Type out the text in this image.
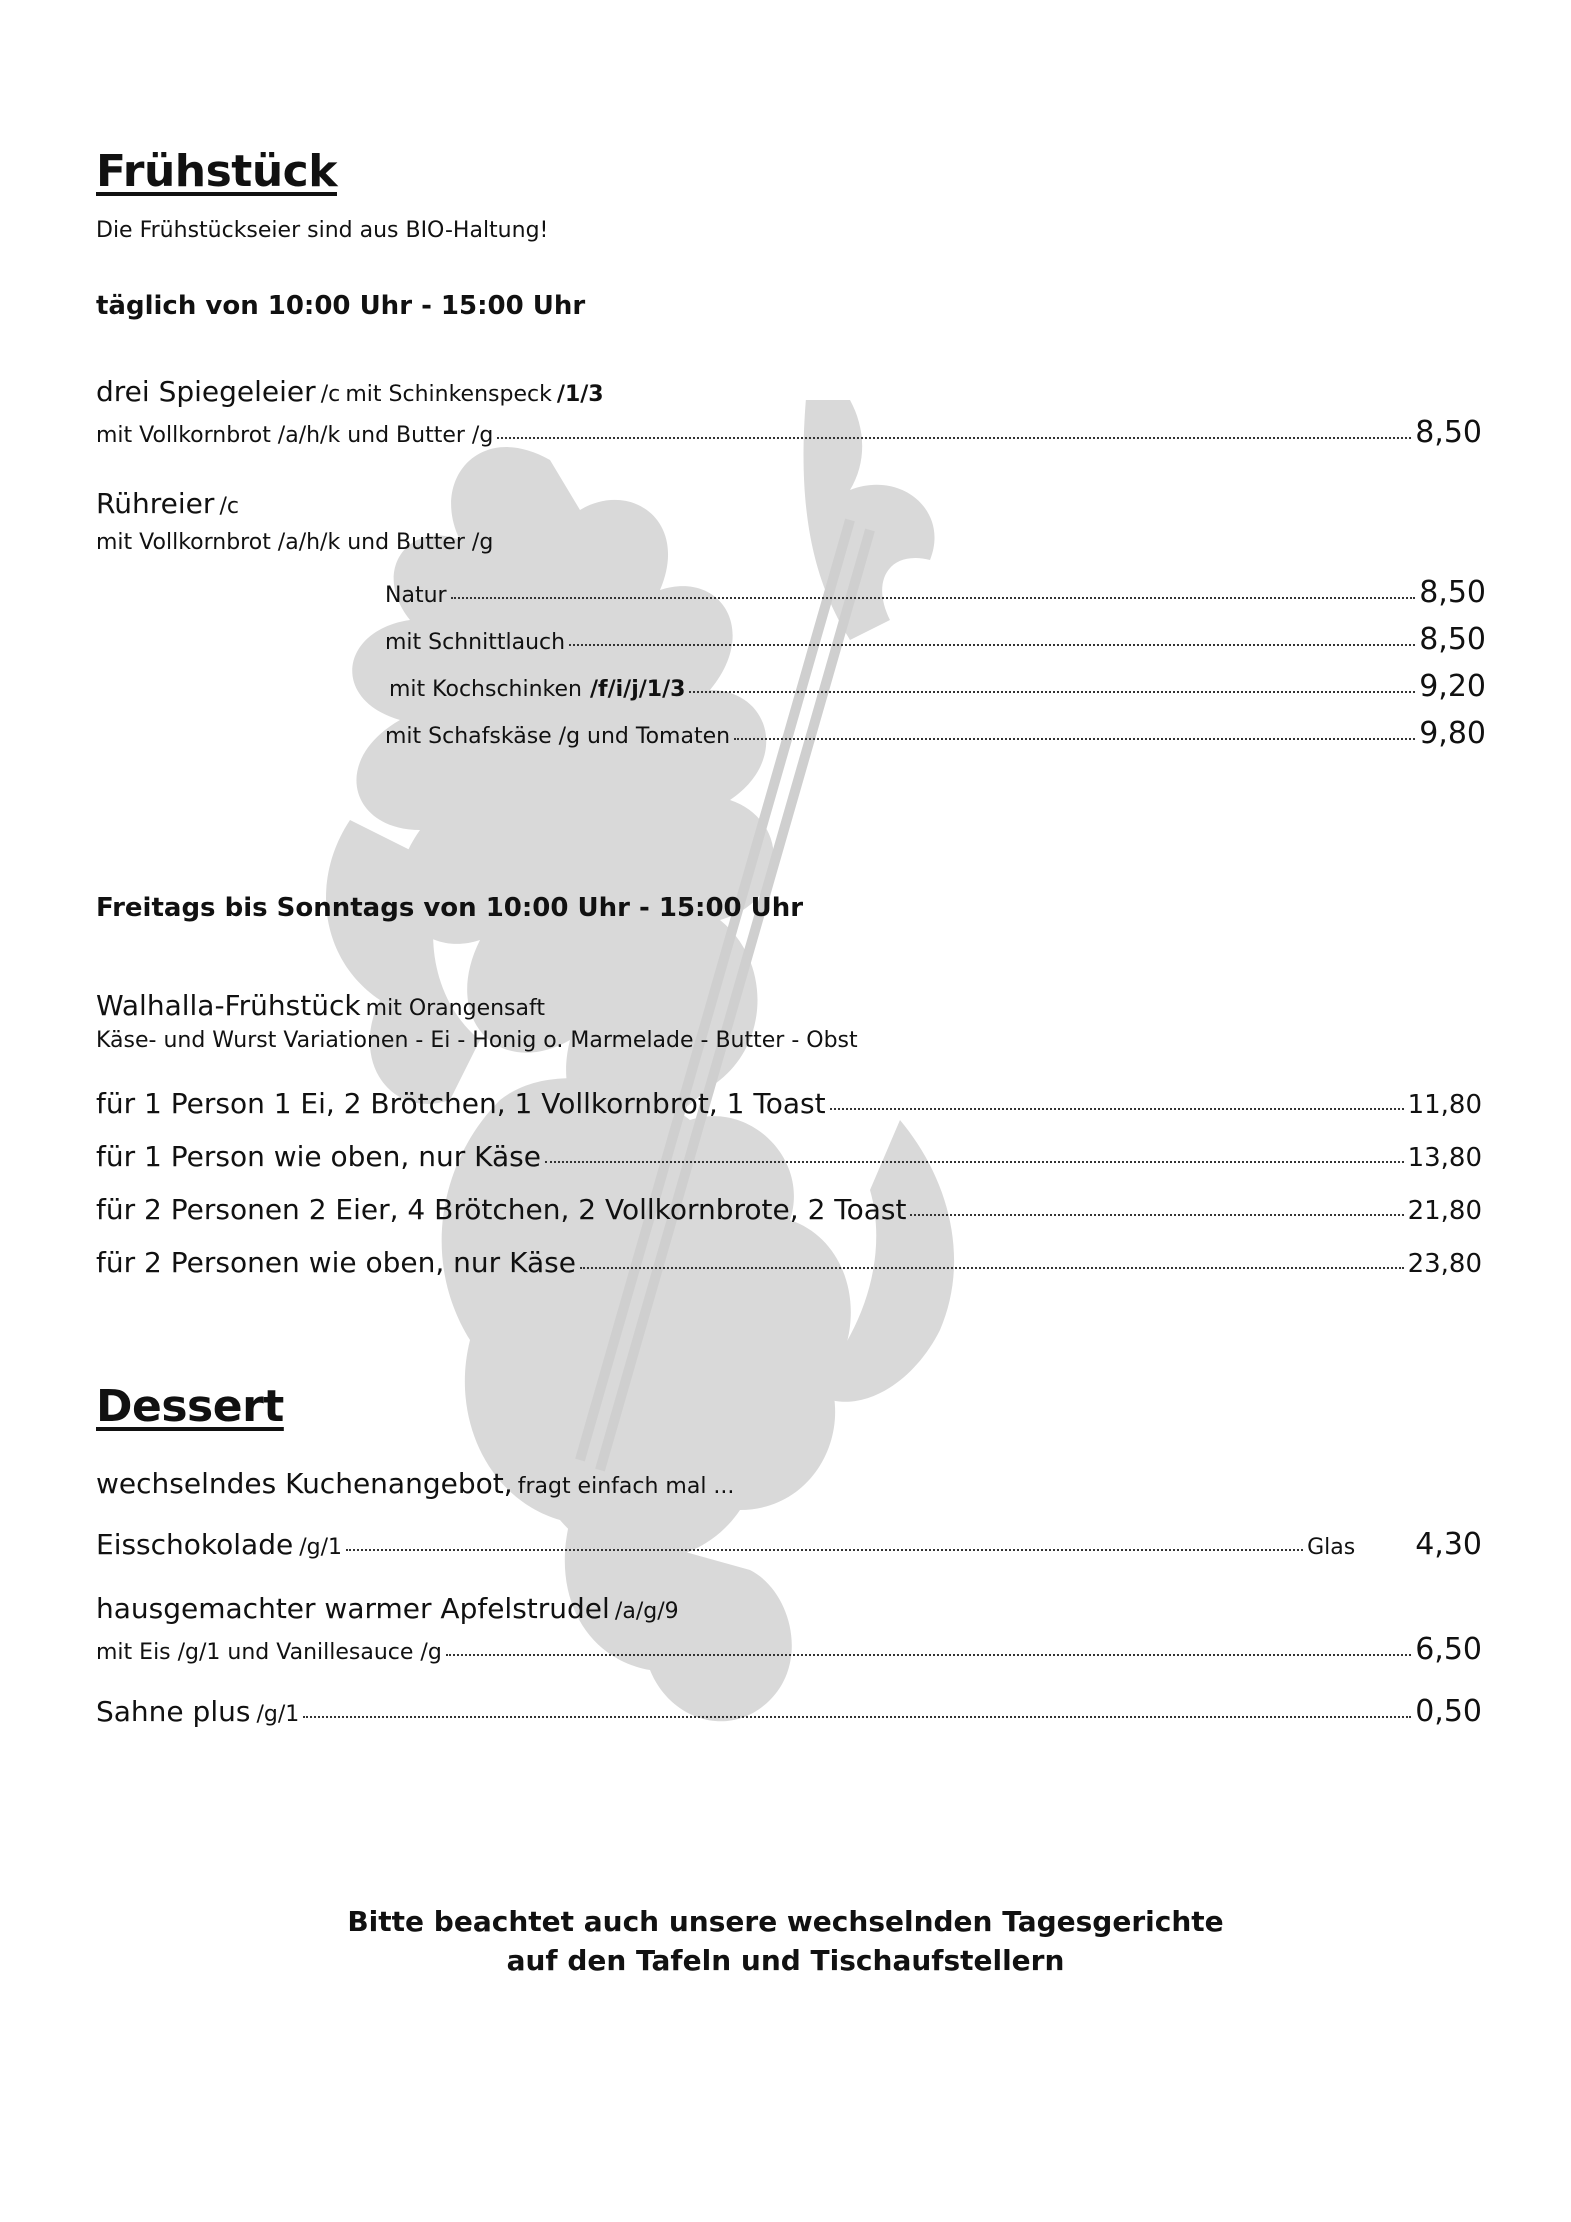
Frühstück
Die Frühstückseier sind aus BIO-Haltung!
täglich von 10:00 Uhr - 15:00 Uhr
drei Spiegeleier /c mit Schinkenspeck /1/3
mit Vollkornbrot /a/h/k und Butter /g	8,50
Rühreier /c
mit Vollkornbrot /a/h/k und Butter /g
Natur	8,50
mit Schnittlauch	8,50
mit Kochschinken /f/i/j/1/3	9,20
mit Schafskäse /g und Tomaten	9,80
Freitags bis Sonntags von 10:00 Uhr - 15:00 Uhr
Walhalla-Frühstück mit Orangensaft
Käse- und Wurst Variationen - Ei - Honig o. Marmelade - Butter - Obst
für 1 Person 1 Ei, 2 Brötchen, 1 Vollkornbrot, 1 Toast	11,80
für 1 Person wie oben, nur Käse	13,80
für 2 Personen 2 Eier, 4 Brötchen, 2 Vollkornbrote, 2 Toast	21,80
für 2 Personen wie oben, nur Käse	23,80
Dessert
wechselndes Kuchenangebot, fragt einfach mal ...
Eisschokolade /g/1	Glas 4,30
hausgemachter warmer Apfelstrudel /a/g/9
mit Eis /g/1 und Vanillesauce /g	6,50
Sahne plus /g/1	0,50
Bitte beachtet auch unsere wechselnden Tagesgerichte
auf den Tafeln und Tischaufstellern
